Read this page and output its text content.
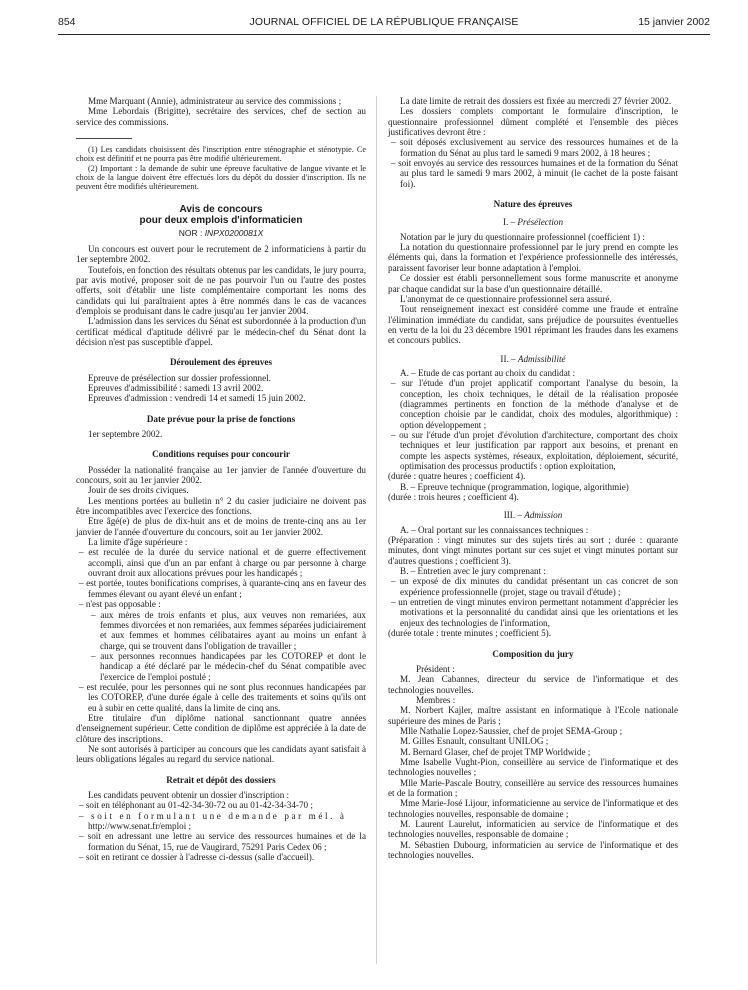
854	JOURNAL OFFICIEL DE LA RÉPUBLIQUE FRANÇAISE	15 janvier 2002

Mme Marquant (Annie), administrateur au service des commissions ;

Mme Lebordais (Brigitte), secrétaire des services, chef de section au service des commissions.

(1) Les candidats choisissent dès l'inscription entre sténographie et sténotypie. Ce choix est définitif et ne pourra pas être modifié ultérieurement.

(2) Important : la demande de subir une épreuve facultative de langue vivante et le choix de la langue doivent être effectués lors du dépôt du dossier d'inscription. Ils ne peuvent être modifiés ultérieurement.

Avis de concours
pour deux emplois d'informaticien
NOR : INPX0200081X

Un concours est ouvert pour le recrutement de 2 informaticiens à partir du 1er septembre 2002.

Toutefois, en fonction des résultats obtenus par les candidats, le jury pourra, par avis motivé, proposer soit de ne pas pourvoir l'un ou l'autre des postes offerts, soit d'établir une liste complémentaire comportant les noms des candidats qui lui paraîtraient aptes à être nommés dans le cas de vacances d'emplois se produisant dans le cadre jusqu'au 1er janvier 2004.

L'admission dans les services du Sénat est subordonnée à la production d'un certificat médical d'aptitude délivré par le médecin-chef du Sénat dont la décision n'est pas susceptible d'appel.

Déroulement des épreuves

Epreuve de présélection sur dossier professionnel.

Epreuves d'admissibilité : samedi 13 avril 2002.

Epreuves d'admission : vendredi 14 et samedi 15 juin 2002.

Date prévue pour la prise de fonctions

1er septembre 2002.

Conditions requises pour concourir

Posséder la nationalité française au 1er janvier de l'année d'ouverture du concours, soit au 1er janvier 2002.

Jouir de ses droits civiques.

Les mentions portées au bulletin n° 2 du casier judiciaire ne doivent pas être incompatibles avec l'exercice des fonctions.

Etre âgé(e) de plus de dix-huit ans et de moins de trente-cinq ans au 1er janvier de l'année d'ouverture du concours, soit au 1er janvier 2002.

La limite d'âge supérieure :

– est reculée de la durée du service national et de guerre effectivement accompli, ainsi que d'un an par enfant à charge ou par personne à charge ouvrant droit aux allocations prévues pour les handicapés ;
– est portée, toutes bonifications comprises, à quarante-cinq ans en faveur des femmes élevant ou ayant élevé un enfant ;
– n'est pas opposable :
– aux mères de trois enfants et plus, aux veuves non remariées, aux femmes divorcées et non remariées, aux femmes séparées judiciairement et aux femmes et hommes célibataires ayant au moins un enfant à charge, qui se trouvent dans l'obligation de travailler ;
– aux personnes reconnues handicapées par les COTOREP et dont le handicap a été déclaré par le médecin-chef du Sénat compatible avec l'exercice de l'emploi postulé ;
– est reculée, pour les personnes qui ne sont plus reconnues handicapées par les COTOREP, d'une durée égale à celle des traitements et soins qu'ils ont eu à subir en cette qualité, dans la limite de cinq ans.

Etre titulaire d'un diplôme national sanctionnant quatre années d'enseignement supérieur. Cette condition de diplôme est appréciée à la date de clôture des inscriptions.

Ne sont autorisés à participer au concours que les candidats ayant satisfait à leurs obligations légales au regard du service national.

Retrait et dépôt des dossiers

Les candidats peuvent obtenir un dossier d'inscription :

– soit en téléphonant au 01-42-34-30-72 ou au 01-42-34-34-70 ;
– soit en formulant une demande par mél. à
http://www.senat.fr/emploi ;
– soit en adressant une lettre au service des ressources humaines et de la formation du Sénat, 15, rue de Vaugirard, 75291 Paris Cedex 06 ;
– soit en retirant ce dossier à l'adresse ci-dessus (salle d'accueil).

La date limite de retrait des dossiers est fixée au mercredi 27 février 2002.

Les dossiers complets comportant le formulaire d'inscription, le questionnaire professionnel dûment complété et l'ensemble des pièces justificatives devront être :

– soit déposés exclusivement au service des ressources humaines et de la formation du Sénat au plus tard le samedi 9 mars 2002, à 18 heures ;
– soit envoyés au service des ressources humaines et de la formation du Sénat au plus tard le samedi 9 mars 2002, à minuit (le cachet de la poste faisant foi).
Nature des épreuves
I. – Présélection

Notation par le jury du questionnaire professionnel (coefficient 1) :

La notation du questionnaire professionnel par le jury prend en compte les éléments qui, dans la formation et l'expérience professionnelle des intéressés, paraissent favoriser leur bonne adaptation à l'emploi.

Ce dossier est établi personnellement sous forme manuscrite et anonyme par chaque candidat sur la base d'un questionnaire détaillé.

L'anonymat de ce questionnaire professionnel sera assuré.

Tout renseignement inexact est considéré comme une fraude et entraîne l'élimination immédiate du candidat, sans préjudice de poursuites éventuelles en vertu de la loi du 23 décembre 1901 réprimant les fraudes dans les examens et concours publics.

II. – Admissibilité

A. – Etude de cas portant au choix du candidat :

– sur l'étude d'un projet applicatif comportant l'analyse du besoin, la conception, les choix techniques, le détail de la réalisation proposée (diagrammes pertinents en fonction de la méthode d'analyse et de conception choisie par le candidat, choix des modules, algorithmique) : option développement ;
– ou sur l'étude d'un projet d'évolution d'architecture, comportant des choix techniques et leur justification par rapport aux besoins, et prenant en compte les aspects systèmes, réseaux, exploitation, déploiement, sécurité, optimisation des processus productifs : option exploitation,

(durée : quatre heures ; coefficient 4).

B. – Epreuve technique (programmation, logique, algorithmie)

(durée : trois heures ; coefficient 4).

III. – Admission

A. – Oral portant sur les connaissances techniques :

(Préparation : vingt minutes sur des sujets tirés au sort ; durée : quarante minutes, dont vingt minutes portant sur ces sujet et vingt minutes portant sur d'autres questions ; coefficient 3).

B. – Entretien avec le jury comprenant :

– un exposé de dix minutes du candidat présentant un cas concret de son expérience professionnelle (projet, stage ou travail d'étude) ;
– un entretien de vingt minutes environ permettant notamment d'apprécier les motivations et la personnalité du candidat ainsi que les orientations et les enjeux des technologies de l'information,

(durée totale : trente minutes ; coefficient 5).

Composition du jury

Président :

M. Jean Cabannes, directeur du service de l'informatique et des technologies nouvelles.

Membres :

M. Norbert Kajler, maître assistant en informatique à l'Ecole nationale supérieure des mines de Paris ;

Mlle Nathalie Lopez-Saussier, chef de projet SEMA-Group ;

M. Gilles Esnault, consultant UNILOG ;

M. Bernard Glaser, chef de projet TMP Worldwide ;

Mme Isabelle Vught-Pion, conseillère au service de l'informatique et des technologies nouvelles ;

Mlle Marie-Pascale Boutry, conseillère au service des ressources humaines et de la formation ;

Mme Marie-José Lijour, informaticienne au service de l'informatique et des technologies nouvelles, responsable de domaine ;

M. Laurent Laurelut, informaticien au service de l'informatique et des technologies nouvelles, responsable de domaine ;

M. Sébastien Dubourg, informaticien au service de l'informatique et des technologies nouvelles.
